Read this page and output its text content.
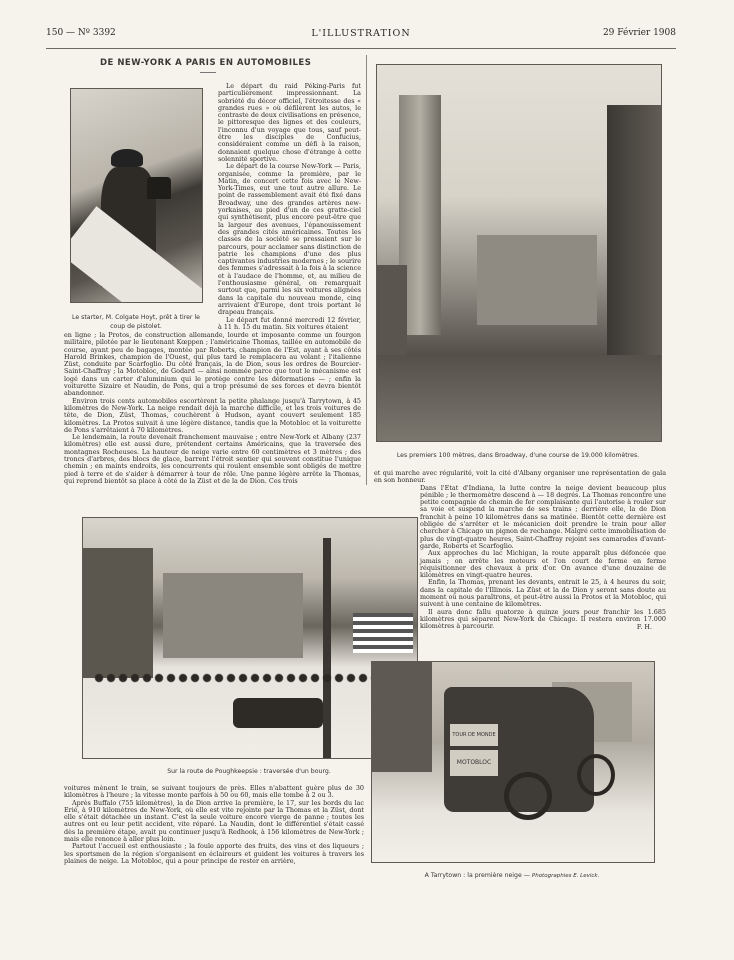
150 — Nº 3392	L'ILLUSTRATION	29 Février 1908
DE NEW-YORK A PARIS EN AUTOMOBILES
Le starter, M. Colgate Hoyt, prêt à tirer le coup de pistolet.

Le départ du raid Péking-Paris fut particulièrement impressionnant. La sobriété du décor officiel, l'étroitesse des « grandes rues » où défilèrent les autos, le contraste de deux civilisations en présence, le pittoresque des lignes et des couleurs, l'inconnu d'un voyage que tous, sauf peut-être les disciples de Confucius, considéraient comme un défi à la raison, donnaient quelque chose d'étrange à cette solennité sportive.

Le départ de la course New-York — Paris, organisée, comme la première, par le Matin, de concert cette fois avec le New-York-Times, eut une tout autre allure. Le point de rassemblement avait été fixé dans Broadway, une des grandes artères new-yorkaises, au pied d'un de ces gratte-ciel qui synthétisent, plus encore peut-être que la largeur des avenues, l'épanouissement des grandes cités américaines. Toutes les classes de la société se pressaient sur le parcours, pour acclamer sans distinction de patrie les champions d'une des plus captivantes industries modernes ; le sourire des femmes s'adressait à la fois à la science et à l'audace de l'homme, et, au milieu de l'enthousiasme général, on remarquait surtout que, parmi les six voitures alignées dans la capitale du nouveau monde, cinq arrivaient d'Europe, dont trois portant le drapeau français.

Le départ fut donné mercredi 12 février, à 11 h. 15 du matin. Six voitures étaient

Les premiers 100 mètres, dans Broadway, d'une course de 19.000 kilomètres.

en ligne ; la Protos, de construction allemande, lourde et imposante comme un fourgon militaire, pilotée par le lieutenant Kœppen ; l'américaine Thomas, taillée en automobile de course, ayant peu de bagages, montée par Roberts, champion de l'Est, ayant à ses côtés Harold Brinkes, champion de l'Ouest, qui plus tard le remplacera au volant ; l'italienne Züst, conduite par Scarfoglio. Du côté français, la de Dion, sous les ordres de Bourcier-Saint-Chaffray ; la Motobloc, de Godard — ainsi nommée parce que tout le mécanisme est logé dans un carter d'aluminium qui le protège contre les déformations — ; enfin la voiturette Sizaire et Naudin, de Pons, qui a trop présumé de ses forces et devra bientôt abandonner.

Environ trois cents automobiles escortèrent la petite phalange jusqu'à Tarrytown, à 45 kilomètres de New-York. La neige rendait déjà la marche difficile, et les trois voitures de tête, de Dion, Züst, Thomas, couchèrent à Hudson, ayant couvert seulement 185 kilomètres. La Protos suivait à une légère distance, tandis que la Motobloc et la voiturette de Pons s'arrêtaient à 70 kilomètres.

Le lendemain, la route devenait franchement mauvaise ; entre New-York et Albany (237 kilomètres) elle est aussi dure, prétendent certains Américains, que la traversée des montagnes Rocheuses. La hauteur de neige varie entre 60 centimètres et 3 mètres ; des troncs d'arbres, des blocs de glace, barrent l'étroit sentier qui souvent constitue l'unique chemin ; en maints endroits, les concurrents qui roulent ensemble sont obligés de mettre pied à terre et de s'aider à démarrer à tour de rôle. Une panne légère arrête la Thomas, qui reprend bientôt sa place à côté de la Züst et de la de Dion. Ces trois

et qui marche avec régularité, voit la cité d'Albany organiser une représentation de gala en son honneur.

Dans l'Etat d'Indiana, la lutte contre la neige devient beaucoup plus pénible ; le thermomètre descend à — 18 degrés. La Thomas rencontre une petite compagnie de chemin de fer complaisante qui l'autorise à rouler sur sa voie et suspend la marche de ses trains ; derrière elle, la de Dion franchit à peine 10 kilomètres dans sa matinée. Bientôt cette dernière est obligée de s'arrêter et le mécanicien doit prendre le train pour aller chercher à Chicago un pignon de rechange. Malgré cette immobilisation de plus de vingt-quatre heures, Saint-Chaffray rejoint ses camarades d'avant-garde, Roberts et Scarfoglio.

Aux approches du lac Michigan, la route apparaît plus défoncée que jamais ; on arrête les moteurs et l'on court de ferme en ferme réquisitionner des chevaux à prix d'or. On avance d'une douzaine de kilomètres en vingt-quatre heures.

Enfin, la Thomas, prenant les devants, entrait le 25, à 4 heures du soir, dans la capitale de l'Illinois. La Züst et la de Dion y seront sans doute au moment où nous paraîtrons, et peut-être aussi la Protos et la Motobloc, qui suivent à une centaine de kilomètres.

Il aura donc fallu quatorze à quinze jours pour franchir les 1.685 kilomètres qui séparent New-York de Chicago. Il restera environ 17.000 kilomètres à parcourir.	F. H.
Sur la route de Poughkeepsie : traversée d'un bourg.
TOUR DE MONDE
MOTOBLOC
A Tarrytown : la première neige — Photographies E. Levick.

voitures mènent le train, se suivant toujours de près. Elles n'abattent guère plus de 30 kilomètres à l'heure ; la vitesse monte parfois à 50 ou 60, mais elle tombe à 2 ou 3.

Après Buffalo (755 kilomètres), la de Dion arrive la première, le 17, sur les bords du lac Erié, à 910 kilomètres de New-York, où elle est vite rejointe par la Thomas et la Züst, dont elle s'était détachée un instant. C'est la seule voiture encore vierge de panne ; toutes les autres ont eu leur petit accident, vite réparé. La Naudin, dont le différentiel s'était cassé dès la première étape, avait pu continuer jusqu'à Redhook, à 156 kilomètres de New-York ; mais elle renonce à aller plus loin.

Partout l'accueil est enthousiaste ; la foule apporte des fruits, des vins et des liqueurs ; les sportsmen de la région s'organisent en éclaireurs et guident les voitures à travers les plaines de neige. La Motobloc, qui a pour principe de rester en arrière,
